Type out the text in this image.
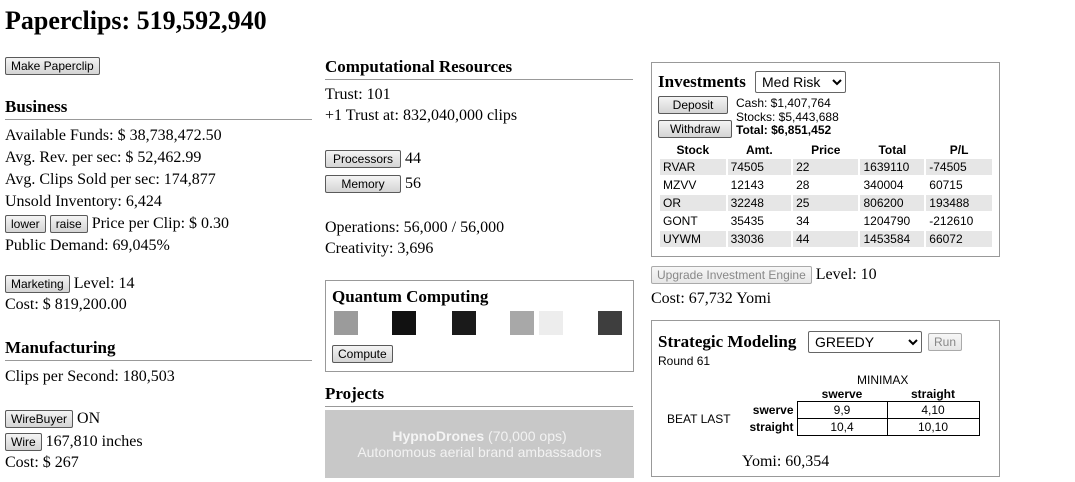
Paperclips: 519,592,940
Make Paperclip
Business
Available Funds: $ 38,738,472.50
Avg. Rev. per sec: $ 52,462.99
Avg. Clips Sold per sec: 174,877
Unsold Inventory: 6,424
lower raise Price per Clip: $ 0.30
Public Demand: 69,045%
Marketing Level: 14
Cost: $ 819,200.00
Manufacturing
Clips per Second: 180,503
WireBuyer ON
Wire 167,810 inches
Cost: $ 267
Computational Resources
Trust: 101
+1 Trust at: 832,040,000 clips
Processors 44
Memory 56
Operations: 56,000 / 56,000
Creativity: 3,696
Quantum Computing
Compute
Projects
HypnoDrones (70,000 ops)
Autonomous aerial brand ambassadors
Investments
Med Risk
Deposit
Withdraw
Cash: $1,407,764
Stocks: $5,443,688
Total: $6,851,452
Stock	Amt.	Price	Total	P/L
RVAR	74505	22	1639110	-74505
MZVV	12143	28	340004	60715
OR	32248	25	806200	193488
GONT	35435	34	1204790	-212610
UYWM	33036	44	1453584	66072
Upgrade Investment Engine Level: 10
Cost: 67,732 Yomi
Strategic Modeling
GREEDY	Run
Round 61
MINIMAX
BEAT LAST
	swerve	straight
swerve	9,9	4,10
straight	10,4	10,10
Yomi: 60,354
